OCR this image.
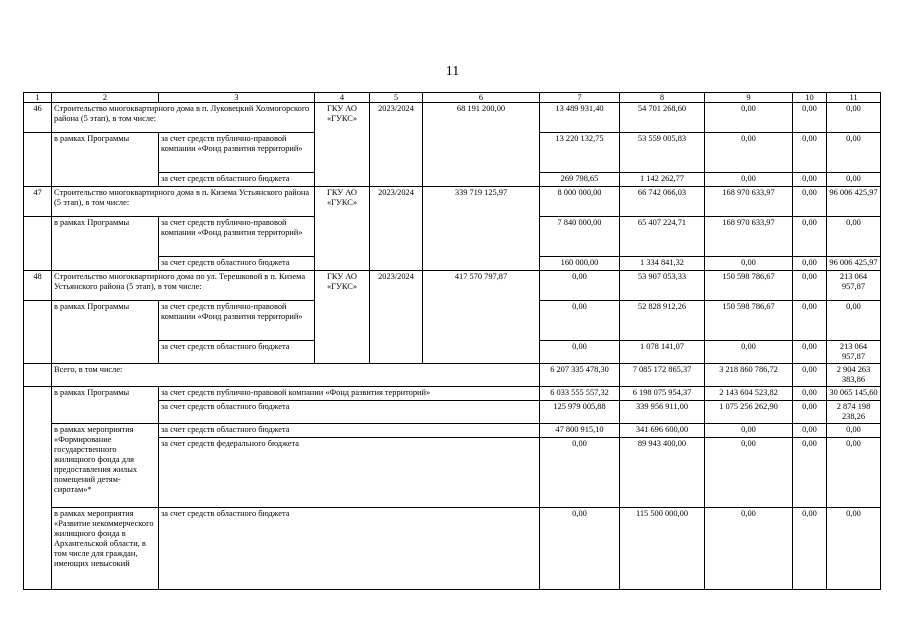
11
1	2	3	4	5	6	7	8	9	10	11
46	Строительство многоквартирного дома в п. Луковецкий Холмогорского района (5 этап), в том числе:		ГКУ АО «ГУКС»	2023/2024	68 191 200,00	13 489 931,40	54 701 268,60	0,00	0,00	0,00
	в рамках Программы	за счет средств публично-правовой компании «Фонд развития территорий»				13 220 132,75	53 559 005,83	0,00	0,00	0,00
		за счет средств областного бюджета				269 798,65	1 142 262,77	0,00	0,00	0,00
47	Строительство многоквартирного дома в п. Кизема Устьянского района (5 этап), в том числе:		ГКУ АО «ГУКС»	2023/2024	339 719 125,97	8 000 000,00	66 742 066,03	168 970 633,97	0,00	96 006 425,97
	в рамках Программы	за счет средств публично-правовой компании «Фонд развития территорий»				7 840 000,00	65 407 224,71	168 970 633,97	0,00	0,00
		за счет средств областного бюджета				160 000,00	1 334 841,32	0,00	0,00	96 006 425,97
48	Строительство многоквартирного дома по ул. Терешковой в п. Кизема Устьянского района (5 этап), в том числе:		ГКУ АО «ГУКС»	2023/2024	417 570 797,87	0,00	53 907 053,33	150 598 786,67	0,00	213 064 957,87
	в рамках Программы	за счет средств публично-правовой компании «Фонд развития территорий»				0,00	52 828 912,26	150 598 786,67	0,00	0,00
		за счет средств областного бюджета				0,00	1 078 141,07	0,00	0,00	213 064 957,87
	Всего, в том числе:					6 207 335 478,30	7 085 172 865,37	3 218 860 786,72	0,00	2 904 263 383,86
	в рамках Программы	за счет средств публично-правовой компании «Фонд развития территорий»				6 033 555 557,32	6 198 075 954,37	2 143 604 523,82	0,00	30 065 145,60
		за счет средств областного бюджета				125 979 005,88	339 956 911,00	1 075 256 262,90	0,00	2 874 198 238,26
	в рамках мероприятия «Формирование государственного жилищного фонда для предоставления жилых помещений детям-сиротам»*	за счет средств областного бюджета				47 800 915,10	341 696 600,00	0,00	0,00	0,00
		за счет средств федерального бюджета				0,00	89 943 400,00	0,00	0,00	0,00
	в рамках мероприятия «Развитие некоммерческого жилищного фонда в Архангельской области, в том числе для граждан, имеющих невысокий	за счет средств областного бюджета				0,00	115 500 000,00	0,00	0,00	0,00
